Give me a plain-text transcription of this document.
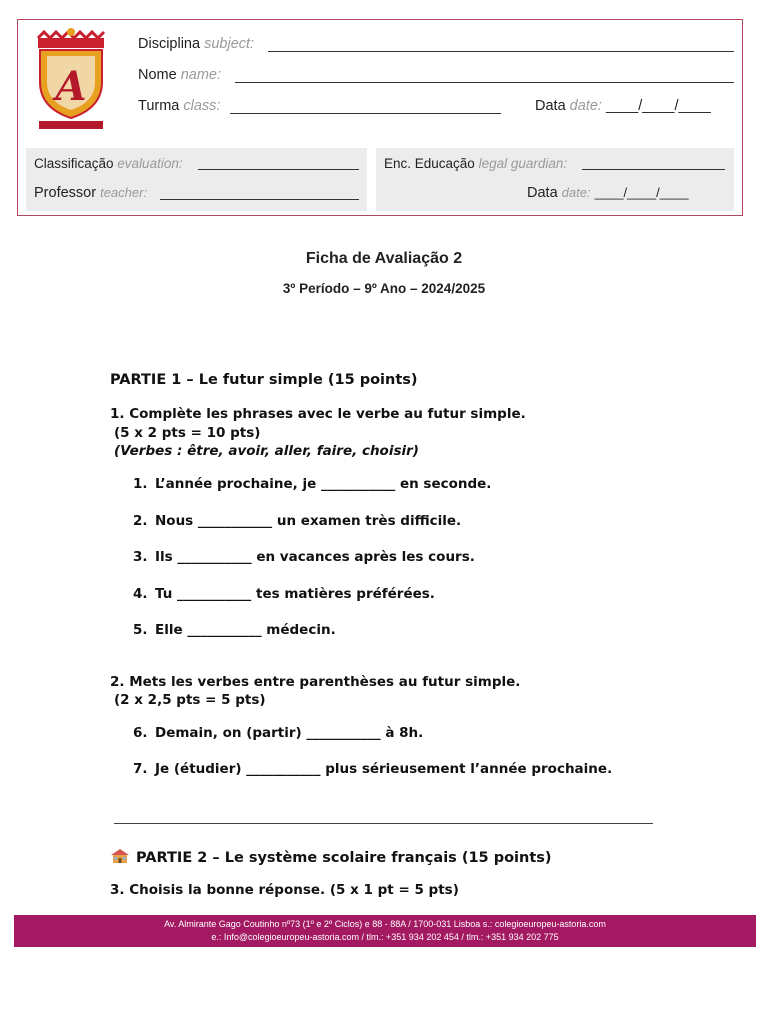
A
Disciplina subject:
Nome name:
Turma class:	Data date: ____/____/____
Classificação evaluation:
Professor teacher:
Enc. Educação legal guardian:
Data date: ____/____/____
Ficha de Avaliação 2
3º Período – 9º Ano – 2024/2025
PARTIE 1 – Le futur simple (15 points)
1. Complète les phrases avec le verbe au futur simple.
(5 x 2 pts = 10 pts)
(Verbes : être, avoir, aller, faire, choisir)
1. L’année prochaine, je ___________ en seconde.
2. Nous ___________ un examen très difficile.
3. Ils ___________ en vacances après les cours.
4. Tu ___________ tes matières préférées.
5. Elle ___________ médecin.
2. Mets les verbes entre parenthèses au futur simple.
(2 x 2,5 pts = 5 pts)
6. Demain, on (partir) ___________ à 8h.
7. Je (étudier) ___________ plus sérieusement l’année prochaine.
PARTIE 2 – Le système scolaire français (15 points)
3. Choisis la bonne réponse. (5 x 1 pt = 5 pts)
Av. Almirante Gago Coutinho nº73 (1º e 2º Ciclos) e 88 - 88A / 1700-031 Lisboa s.: colegioeuropeu-astoria.com
e.: Info@colegioeuropeu-astoria.com / tlm.: +351 934 202 454 / tlm.: +351 934 202 775
